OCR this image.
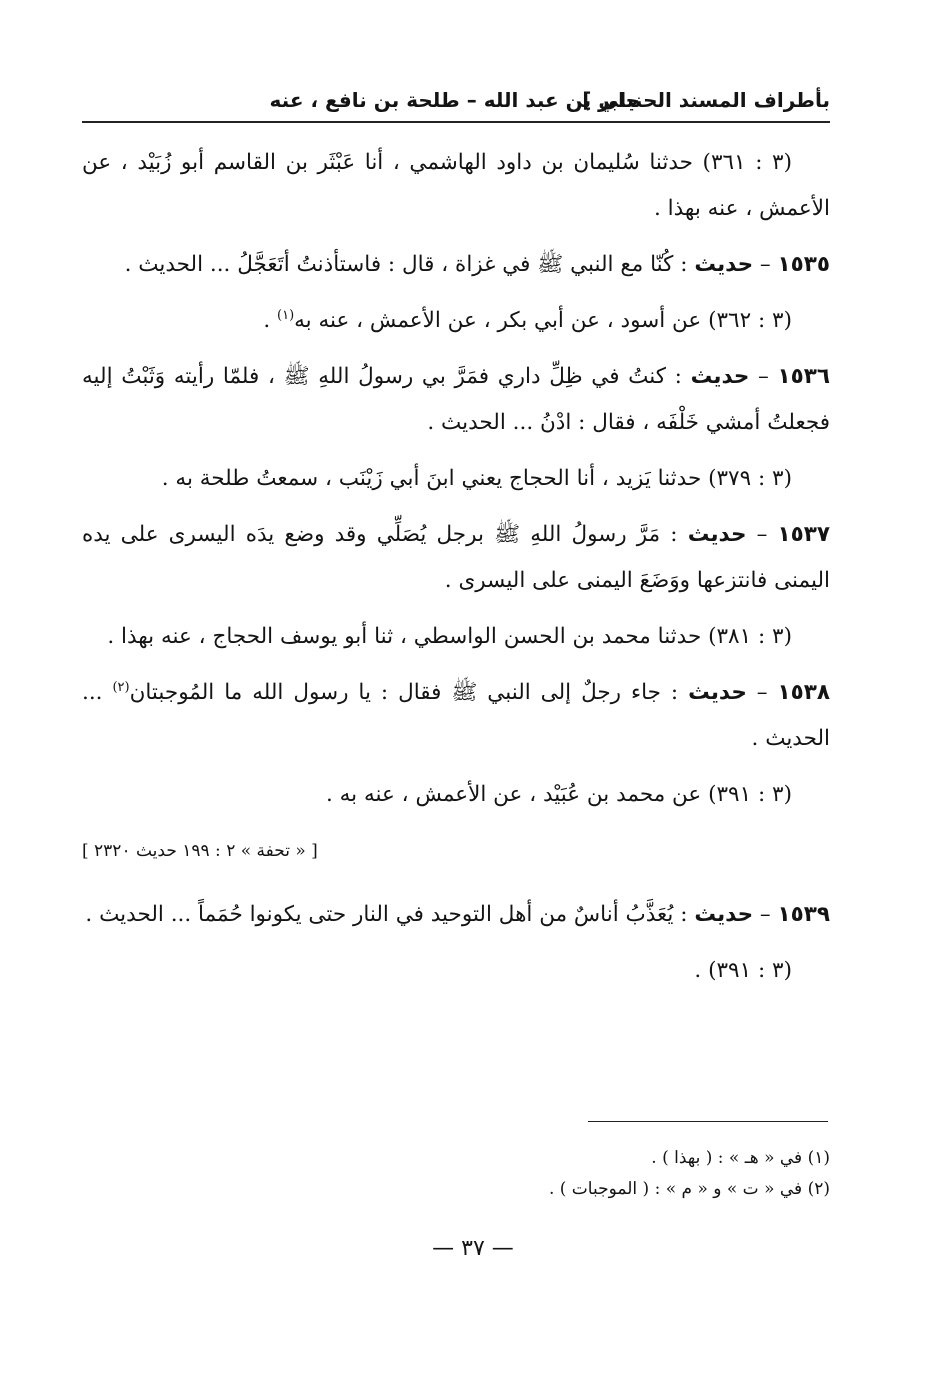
بأطراف المسند الحنبلي ]
جابر بن عبد الله – طلحة بن نافع ، عنه

(٣ : ٣٦١) حدثنا سُليمان بن داود الهاشمي ، أنا عَبْثَر بن القاسم أبو زُبَيْد ، عن الأعمش ، عنه بهذا .

١٥٣٥ – حديث : كُنّا مع النبي ﷺ في غزاة ، قال : فاستأذنتُ أتَعَجَّلُ ... الحديث .

(٣ : ٣٦٢) عن أسود ، عن أبي بكر ، عن الأعمش ، عنه به$^{(١)}$ .

١٥٣٦ – حديث : كنتُ في ظِلِّ داري فمَرَّ بي رسولُ اللهِ ﷺ ، فلمّا رأيته وَثَبْتُ إليه فجعلتُ أمشي خَلْفَه ، فقال : ادْنُ ... الحديث .

(٣ : ٣٧٩) حدثنا يَزيد ، أنا الحجاج يعني ابنَ أبي زَيْنَب ، سمعتُ طلحة به .

١٥٣٧ – حديث : مَرَّ رسولُ اللهِ ﷺ برجل يُصَلِّي وقد وضع يدَه اليسرى على يده اليمنى فانتزعها ووَضَعَ اليمنى على اليسرى .

(٣ : ٣٨١) حدثنا محمد بن الحسن الواسطي ، ثنا أبو يوسف الحجاج ، عنه بهذا .

١٥٣٨ – حديث : جاء رجلٌ إلى النبي ﷺ فقال : يا رسول الله ما المُوجبتان$^{(٢)}$ ... الحديث .

(٣ : ٣٩١) عن محمد بن عُبَيْد ، عن الأعمش ، عنه به .

[ « تحفة » ٢ : ١٩٩ حديث ٢٣٢٠ ]

١٥٣٩ – حديث : يُعَذَّبُ أناسٌ من أهل التوحيد في النار حتى يكونوا حُمَماً ... الحديث .

(٣ : ٣٩١) .

(١) في « هـ » : ( بهذا ) .

(٢) في « ت » و « م » : ( الموجبات ) .

— ٣٧ —
